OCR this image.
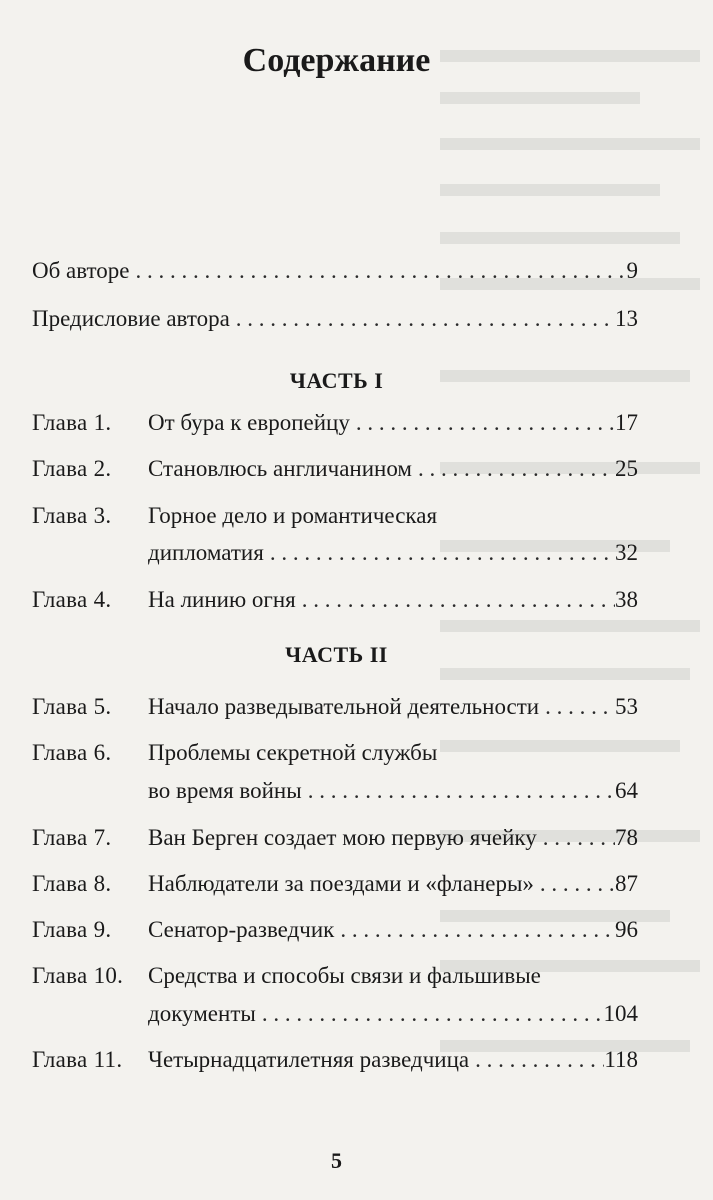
Содержание
Об авторе . . .	9
Предисловие автора . . .	13
ЧАСТЬ I
Глава 1. От бура к европейцу . . .	17
Глава 2. Становлюсь англичанином . . .	25
Глава 3. Горное дело и романтическая
дипломатия . . .	32
Глава 4. На линию огня . . .	38
ЧАСТЬ II
Глава 5. Начало разведывательной деятельности . . .	53
Глава 6. Проблемы секретной службы
во время войны . . .	64
Глава 7. Ван Берген создает мою первую ячейку . . .	78
Глава 8. Наблюдатели за поездами и «фланеры» . . .	87
Глава 9. Сенатор-разведчик . . .	96
Глава 10. Средства и способы связи и фальшивые
документы . . .	104
Глава 11. Четырнадцатилетняя разведчица . . .	118
5
